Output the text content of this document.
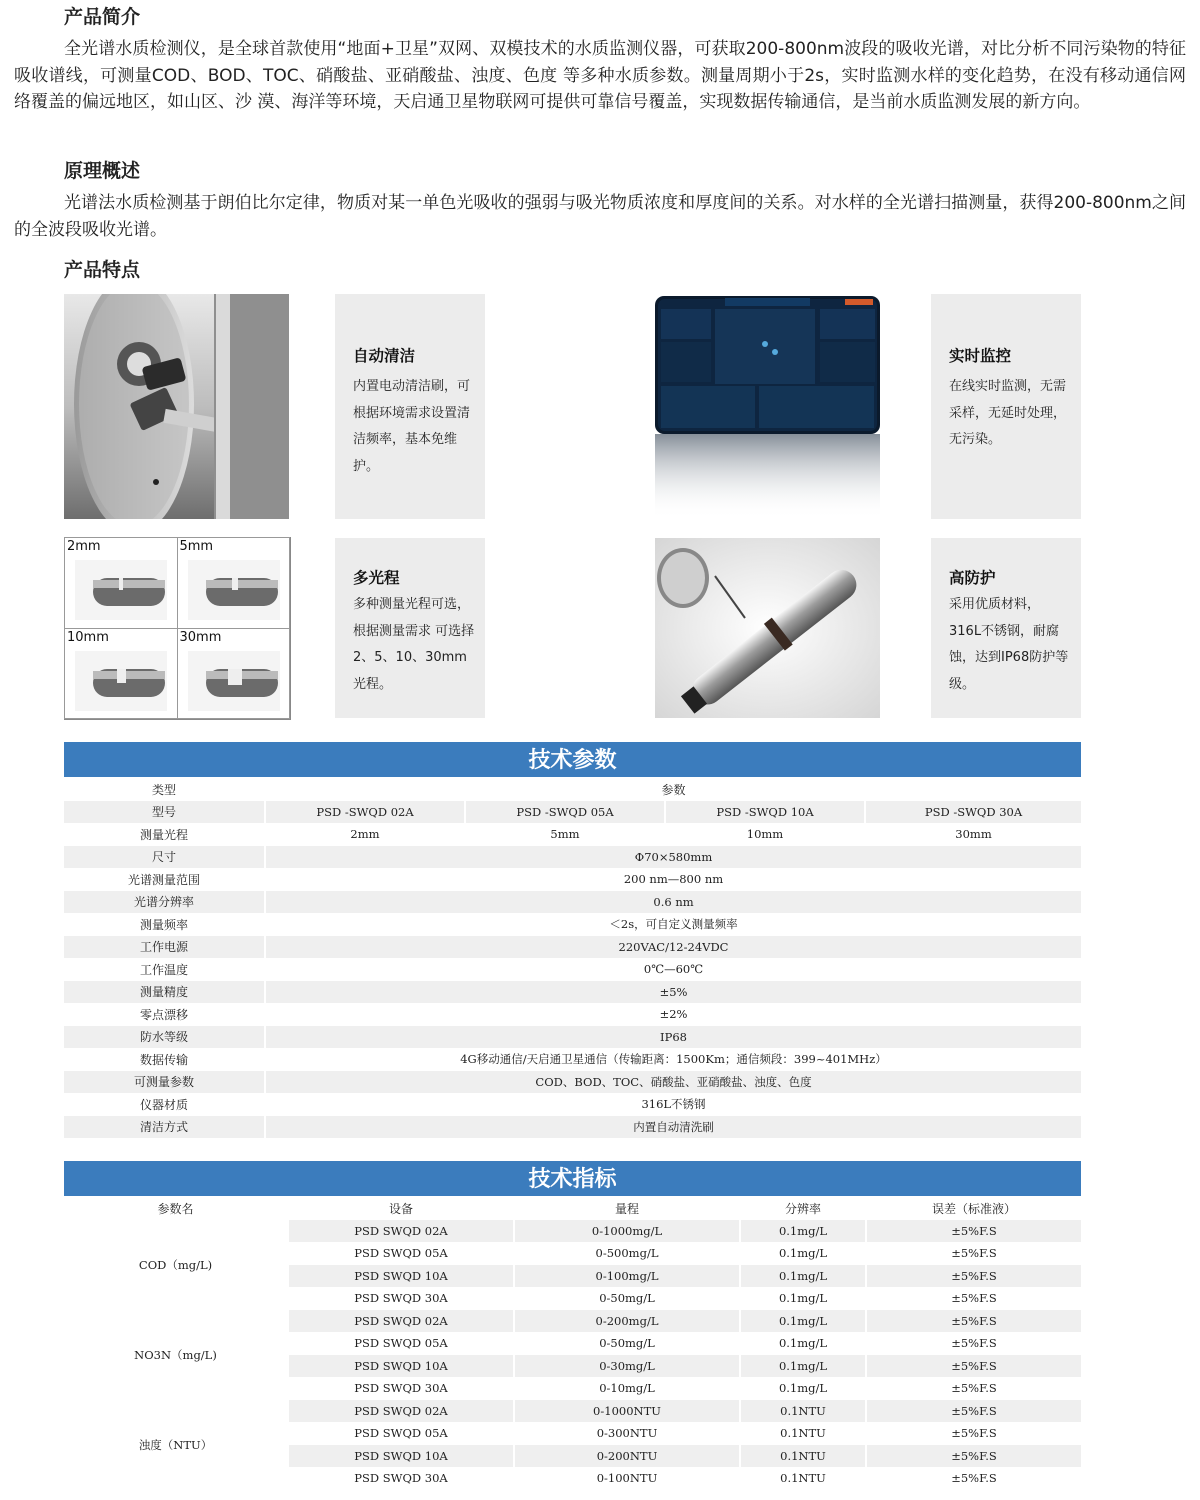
产品简介

全光谱水质检测仪，是全球首款使用“地面+卫星”双网、双模技术的水质监测仪器，可获取200-800nm波段的吸收光谱，对比分析不同污染物的特征吸收谱线，可测量COD、BOD、TOC、硝酸盐、亚硝酸盐、浊度、色度 等多种水质参数。测量周期小于2s，实时监测水样的变化趋势，在没有移动通信网络覆盖的偏远地区，如山区、沙 漠、海洋等环境，天启通卫星物联网可提供可靠信号覆盖，实现数据传输通信，是当前水质监测发展的新方向。

原理概述

光谱法水质检测基于朗伯比尔定律，物质对某一单色光吸收的强弱与吸光物质浓度和厚度间的关系。对水样的全光谱扫描测量，获得200-800nm之间的全波段吸收光谱。

产品特点
自动清洁
内置电动清洁刷，可根据环境需求设置清洁频率，基本免维护。
实时监控
在线实时监测，无需采样，无延时处理，无污染。
2mm	5mm
10mm	30mm
多光程
多种测量光程可选，根据测量需求 可选择2、5、10、30mm光程。
高防护
采用优质材料，316L不锈钢，耐腐蚀，达到IP68防护等级。
技术参数
类型	参数			
型号	PSD -SWQD 02A	PSD -SWQD 05A	PSD -SWQD 10A	PSD -SWQD 30A
测量光程	2mm	5mm	10mm	30mm
尺寸	Φ70×580mm			
光谱测量范围	200 nm—800 nm			
光谱分辨率	0.6 nm			
测量频率	＜2s，可自定义测量频率			
工作电源	220VAC/12-24VDC			
工作温度	0℃—60℃			
测量精度	±5%			
零点漂移	±2%			
防水等级	IP68			
数据传输	4G移动通信/天启通卫星通信（传输距离：1500Km；通信频段：399~401MHz）			
可测量参数	COD、BOD、TOC、硝酸盐、亚硝酸盐、浊度、色度			
仪器材质	316L不锈钢			
清洁方式	内置自动清洗刷			
技术指标
参数名	设备	量程	分辨率	误差（标准液）
COD（mg/L)	PSD SWQD 02A	0-1000mg/L	0.1mg/L	±5%F.S
	PSD SWQD 05A	0-500mg/L	0.1mg/L	±5%F.S
	PSD SWQD 10A	0-100mg/L	0.1mg/L	±5%F.S
	PSD SWQD 30A	0-50mg/L	0.1mg/L	±5%F.S
NO3N（mg/L)	PSD SWQD 02A	0-200mg/L	0.1mg/L	±5%F.S
	PSD SWQD 05A	0-50mg/L	0.1mg/L	±5%F.S
	PSD SWQD 10A	0-30mg/L	0.1mg/L	±5%F.S
	PSD SWQD 30A	0-10mg/L	0.1mg/L	±5%F.S
浊度（NTU）	PSD SWQD 02A	0-1000NTU	0.1NTU	±5%F.S
	PSD SWQD 05A	0-300NTU	0.1NTU	±5%F.S
	PSD SWQD 10A	0-200NTU	0.1NTU	±5%F.S
	PSD SWQD 30A	0-100NTU	0.1NTU	±5%F.S
